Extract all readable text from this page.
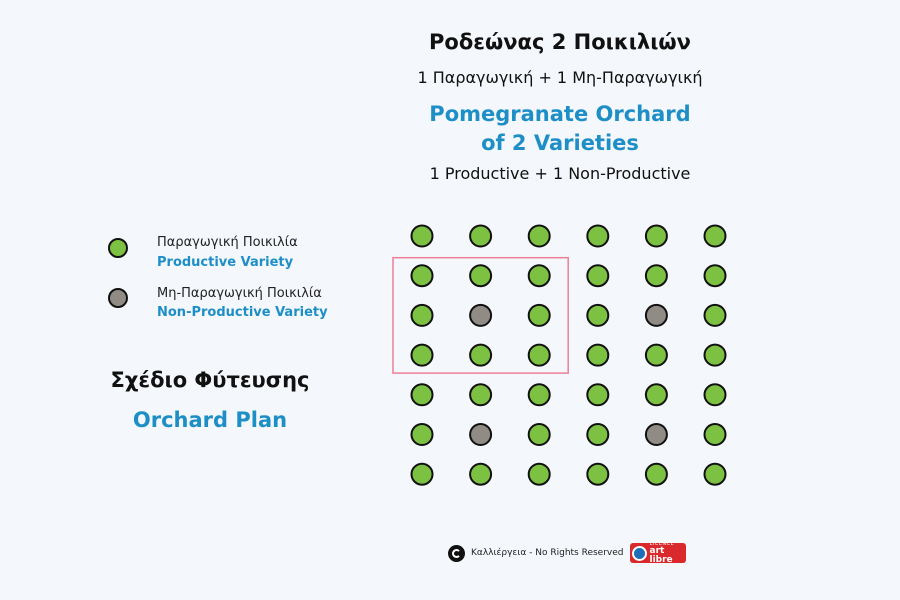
Ροδεώνας 2 Ποικιλιών
1 Παραγωγική + 1 Μη-Παραγωγική
Pomegranate Orchard
of 2 Varieties
1 Productive + 1 Non-Productive
Παραγωγική Ποικιλία
Productive Variety
Μη-Παραγωγική Ποικιλία
Non-Productive Variety
Σχέδιο Φύτευσης
Orchard Plan
Καλλιέργεια - No Rights Reserved
LICENCE
art libre
